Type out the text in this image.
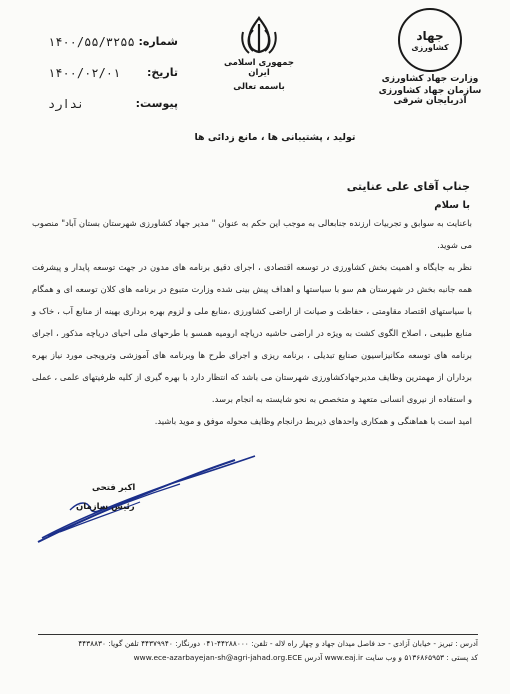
شماره:
۱۴۰۰/۵۵/۳۲۵۵
تاریخ:
۱۴۰۰/۰۲/۰۱
پیوست:
ندارد
جمهوری اسلامی ایران
باسمه تعالی
جهاد
کشاورزی
وزارت جهاد کشاورزی
سازمان جهاد کشاورزی آذربایجان شرقی
تولید ، پشتیبانی ها ، مانع زدائی ها
جناب آقای علی عنایتی
با سلام
باعنایت به سوابق و تجربیات ارزنده جنابعالی به موجب این حکم به عنوان " مدیر جهاد کشاورزی شهرستان بستان آباد" منصوب می شوید.
نظر به جایگاه و اهمیت بخش کشاورزی در توسعه اقتصادی ، اجرای دقیق برنامه های مدون در جهت توسعه پایدار و پیشرفت همه جانبه بخش در شهرستان هم سو با سیاستها و اهداف پیش بینی شده وزارت متبوع در برنامه های کلان توسعه ای و همگام با سیاستهای اقتصاد مقاومتی ، حفاظت و صیانت از اراضی کشاورزی ،منابع ملی و لزوم بهره برداری بهینه از منابع آب ، خاک و منابع طبیعی ، اصلاح الگوی کشت به ویژه در اراضی حاشیه دریاچه ارومیه همسو با طرحهای ملی احیای دریاچه مذکور ، اجرای برنامه های توسعه مکانیزاسیون صنایع تبدیلی ، برنامه ریزی و اجرای طرح ها وبرنامه های آموزشی وترویجی مورد نیاز بهره برداران از مهمترین وظایف مدیرجهادکشاورزی شهرستان می باشد که انتظار دارد با بهره گیری از کلیه ظرفیتهای علمی ، عملی و استفاده از نیروی انسانی متعهد و متخصص به نحو شایسته به انجام برسد.
امید است با هماهنگی و همکاری واحدهای ذیربط درانجام وظایف محوله موفق و موید باشید.
اکبر فتحی
رئیس سازمان
آدرس : تبریز - خیابان آزادی - حد فاصل میدان جهاد و چهار راه لاله - تلفن: ۴۴۲۸۸۰۰۰-۰۴۱ دورنگار: ۴۴۳۷۹۹۴۰ تلفن گویا: ۴۴۳۸۸۳۰
کد پستی : ۵۱۳۶۸۶۵۹۵۳ و وب سایت www.eaj.ir آدرس www.ece-azarbayejan-sh@agri-jahad.org.ECE
